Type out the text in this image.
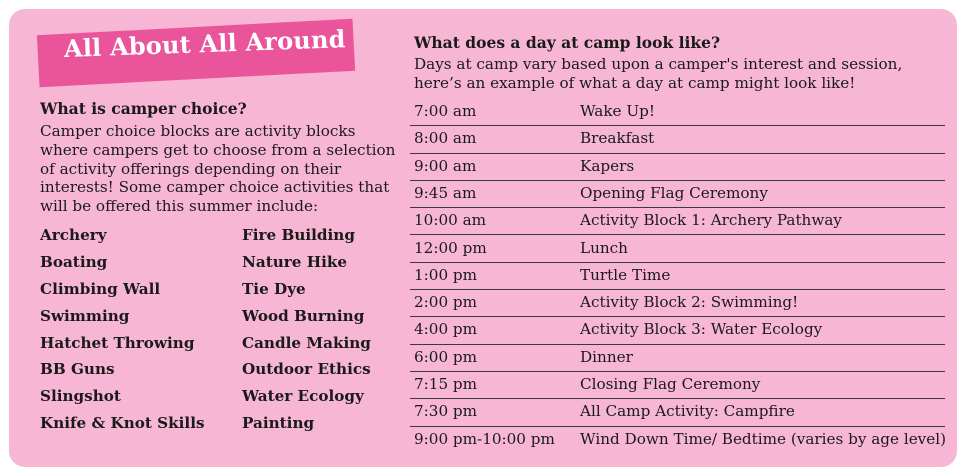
All About All Around
What is camper choice?
Camper choice blocks are activity blocks
where campers get to choose from a selection
of activity offerings depending on their
interests! Some camper choice activities that
will be offered this summer include:
Archery
Boating
Climbing Wall
Swimming
Hatchet Throwing
BB Guns
Slingshot
Knife & Knot Skills
Fire Building
Nature Hike
Tie Dye
Wood Burning
Candle Making
Outdoor Ethics
Water Ecology
Painting
What does a day at camp look like?
Days at camp vary based upon a camper's interest and session,
here’s an example of what a day at camp might look like!
7:00 am	Wake Up!
8:00 am	Breakfast
9:00 am	Kapers
9:45 am	Opening Flag Ceremony
10:00 am	Activity Block 1: Archery Pathway
12:00 pm	Lunch
1:00 pm	Turtle Time
2:00 pm	Activity Block 2: Swimming!
4:00 pm	Activity Block 3: Water Ecology
6:00 pm	Dinner
7:15 pm	Closing Flag Ceremony
7:30 pm	All Camp Activity: Campfire
9:00 pm-10:00 pm Wind Down Time/ Bedtime (varies by age level)
